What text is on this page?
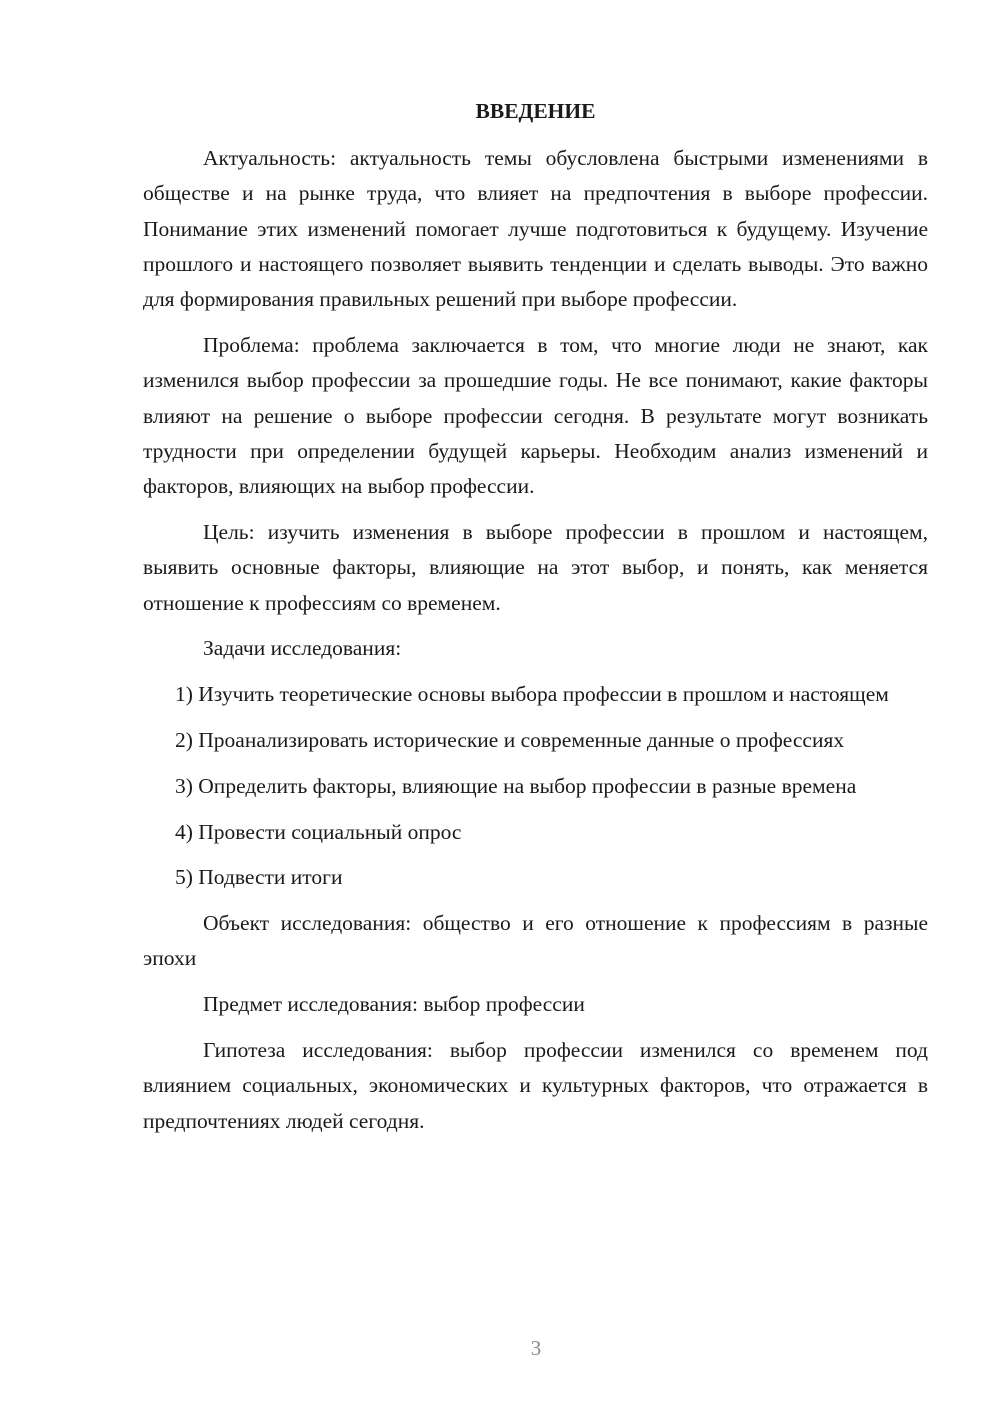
ВВЕДЕНИЕ

Актуальность: актуальность темы обусловлена быстрыми изменениями в обществе и на рынке труда, что влияет на предпочтения в выборе профессии. Понимание этих изменений помогает лучше подготовиться к будущему. Изучение прошлого и настоящего позволяет выявить тенденции и сделать выводы. Это важно для формирования правильных решений при выборе профессии.

Проблема: проблема заключается в том, что многие люди не знают, как изменился выбор профессии за прошедшие годы. Не все понимают, какие факторы влияют на решение о выборе профессии сегодня. В результате могут возникать трудности при определении будущей карьеры. Необходим анализ изменений и факторов, влияющих на выбор профессии.

Цель: изучить изменения в выборе профессии в прошлом и настоящем, выявить основные факторы, влияющие на этот выбор, и понять, как меняется отношение к профессиям со временем.

Задачи исследования:

1) Изучить теоретические основы выбора профессии в прошлом и настоящем

2) Проанализировать исторические и современные данные о профессиях

3) Определить факторы, влияющие на выбор профессии в разные времена

4) Провести социальный опрос

5) Подвести итоги

Объект исследования: общество и его отношение к профессиям в разные эпохи

Предмет исследования: выбор профессии

Гипотеза исследования: выбор профессии изменился со временем под влиянием социальных, экономических и культурных факторов, что отражается в предпочтениях людей сегодня.

3
